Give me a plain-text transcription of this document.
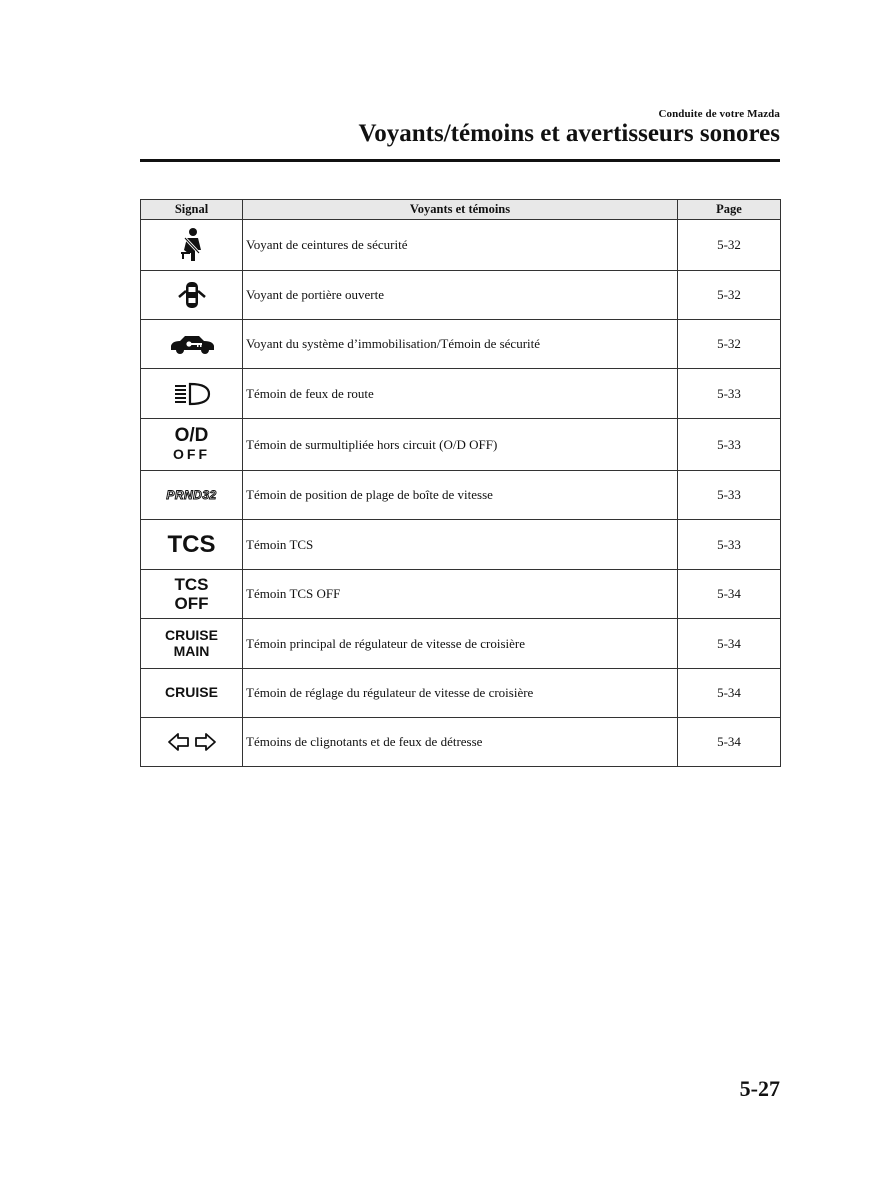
Conduite de votre Mazda
Voyants/témoins et avertisseurs sonores
Signal	Voyants et témoins	Page

	Voyant de ceintures de sécurité	5-32

	Voyant de portière ouverte	5-32

	Voyant du système d’immobilisation/Témoin de sécurité	5-32

	Témoin de feux de route	5-33

O/D
OFF	Témoin de surmultipliée hors circuit (O/D OFF)	5-33
PRND32	Témoin de position de plage de boîte de vitesse	5-33
TCS	Témoin TCS	5-33

TCS
OFF	Témoin TCS OFF	5-34

CRUISE
MAIN	Témoin principal de régulateur de vitesse de croisière	5-34
CRUISE	Témoin de réglage du régulateur de vitesse de croisière	5-34

	Témoins de clignotants et de feux de détresse	5-34
5-27
